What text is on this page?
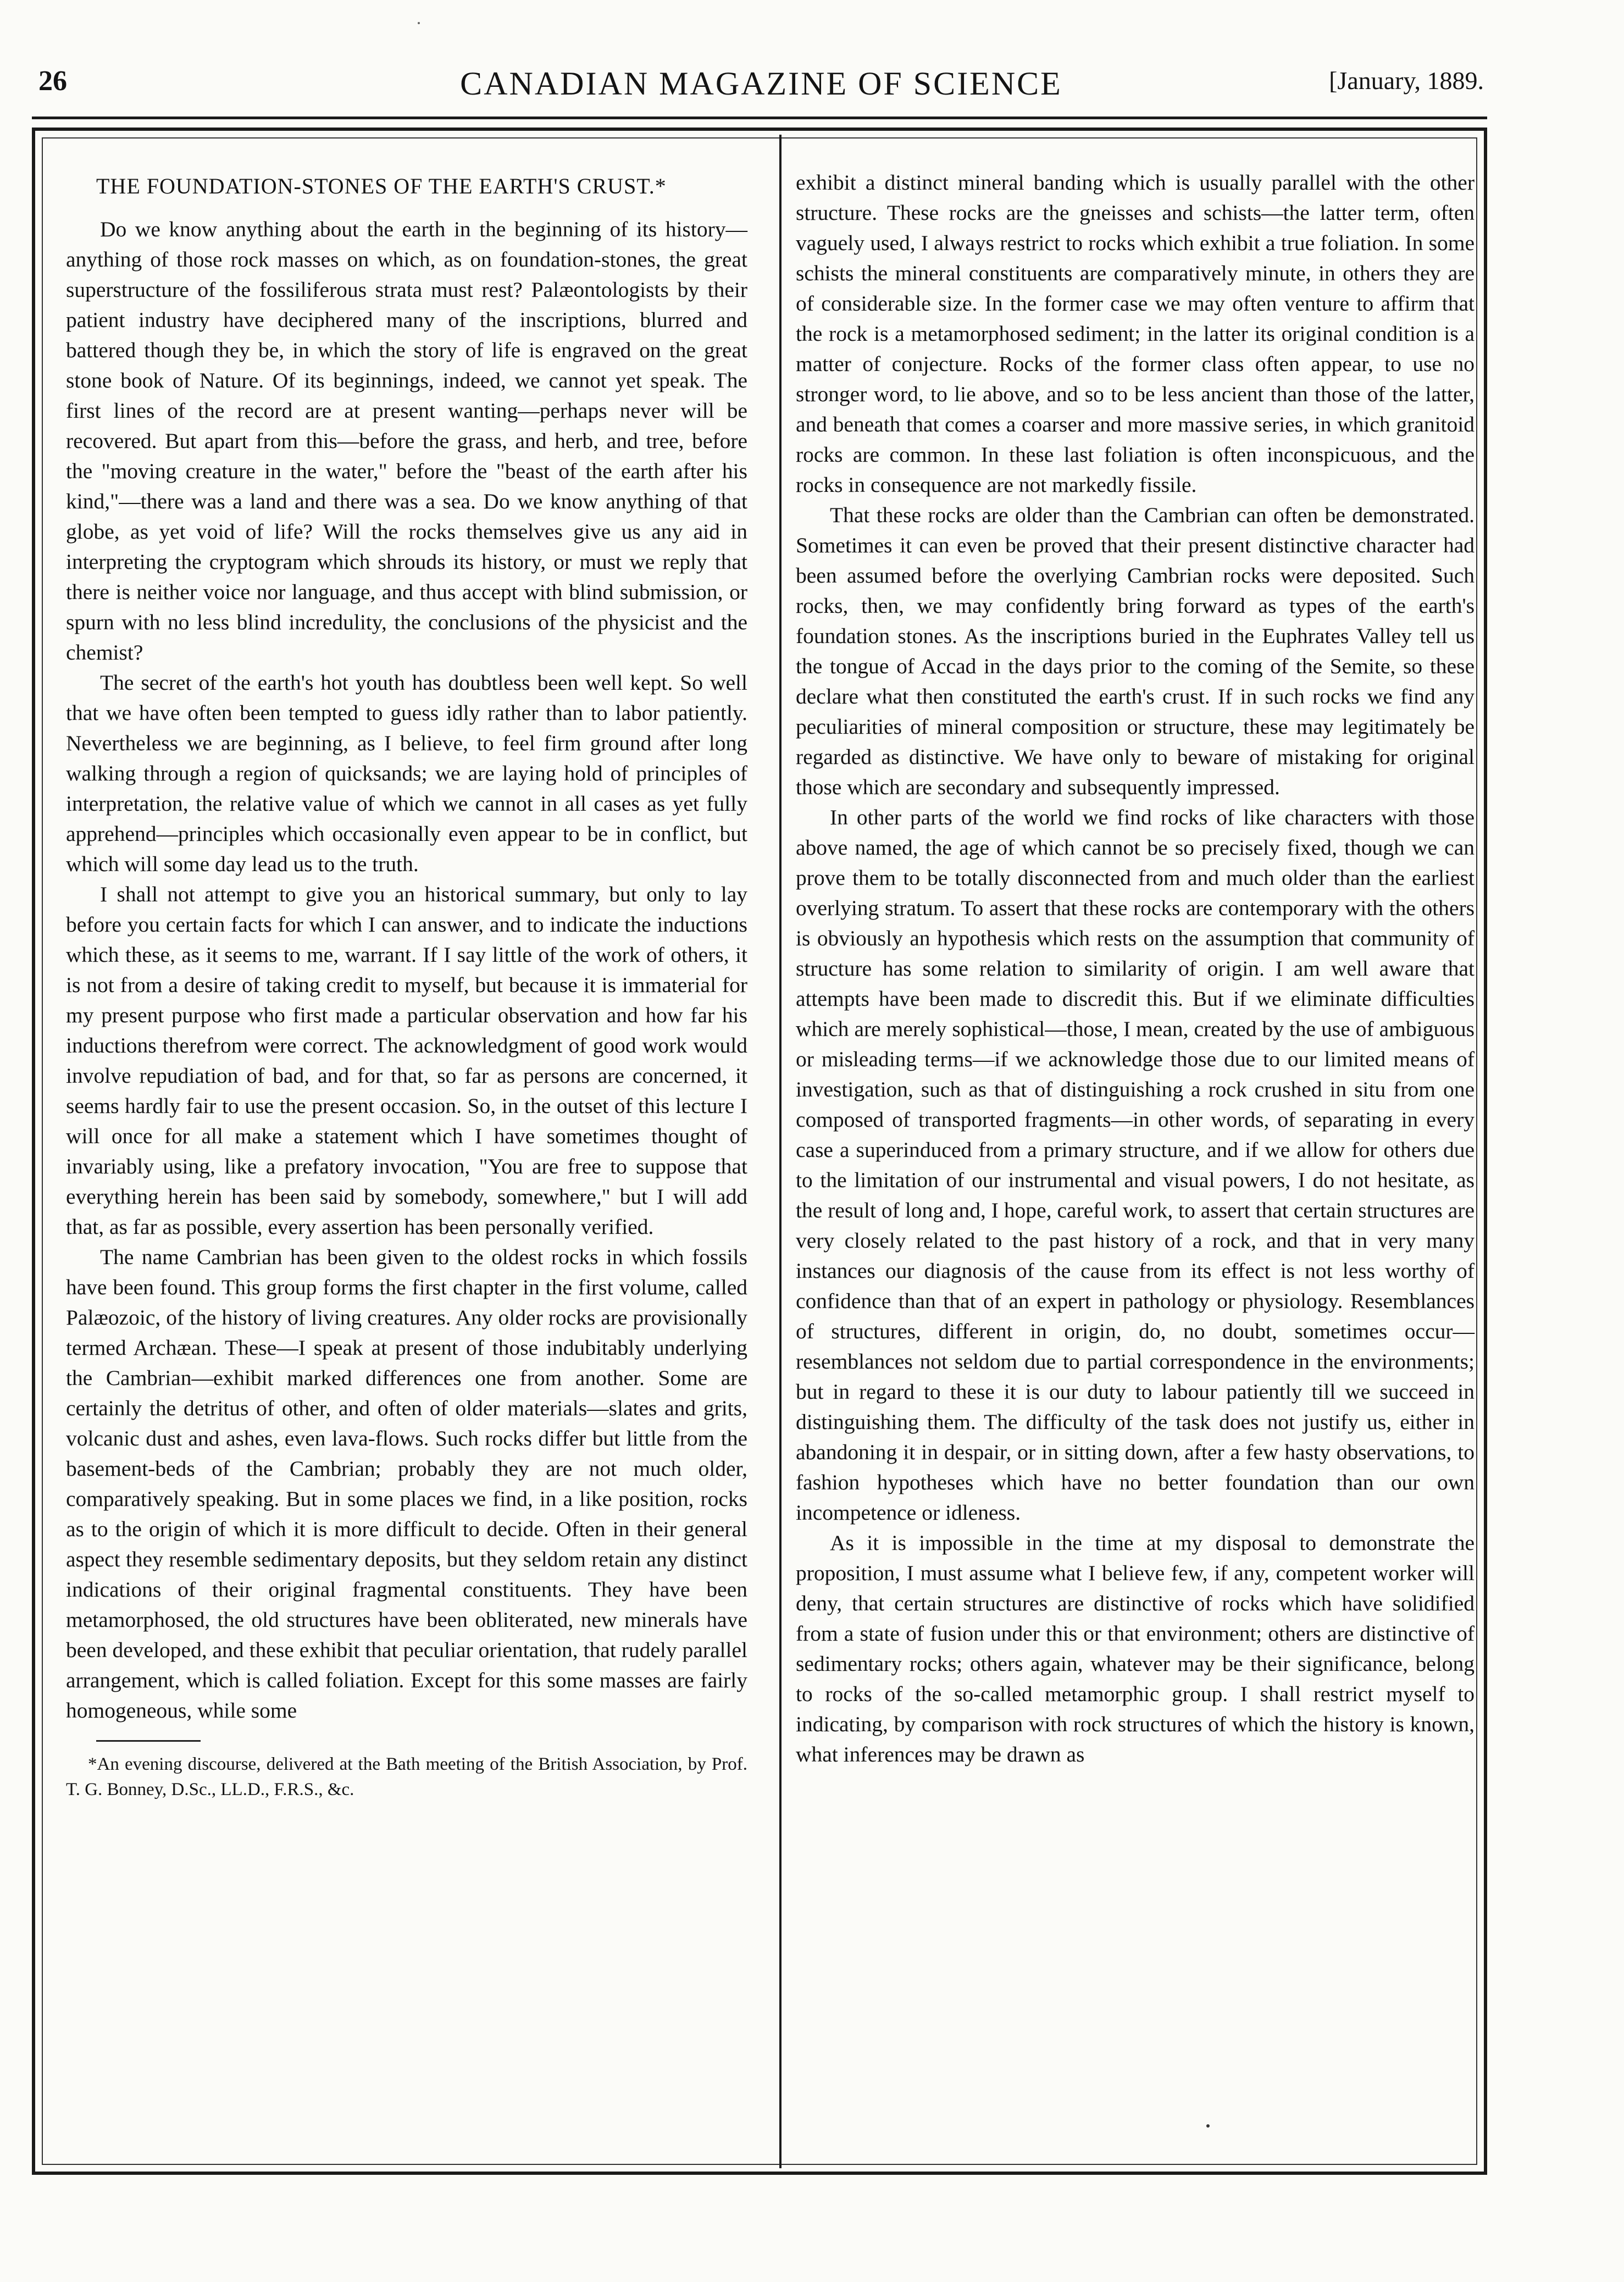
26	CANADIAN MAGAZINE OF SCIENCE	[January, 1889.
THE FOUNDATION-STONES OF THE EARTH'S CRUST.*

Do we know anything about the earth in the beginning of its history—anything of those rock masses on which, as on foundation-stones, the great superstructure of the fossiliferous strata must rest? Palæontologists by their patient industry have deciphered many of the inscriptions, blurred and battered though they be, in which the story of life is engraved on the great stone book of Nature. Of its beginnings, indeed, we cannot yet speak. The first lines of the record are at present wanting—perhaps never will be recovered. But apart from this—before the grass, and herb, and tree, before the "moving creature in the water," before the "beast of the earth after his kind,"—there was a land and there was a sea. Do we know anything of that globe, as yet void of life? Will the rocks themselves give us any aid in interpreting the cryptogram which shrouds its history, or must we reply that there is neither voice nor language, and thus accept with blind submission, or spurn with no less blind incredulity, the conclusions of the physicist and the chemist?

The secret of the earth's hot youth has doubtless been well kept. So well that we have often been tempted to guess idly rather than to labor patiently. Nevertheless we are beginning, as I believe, to feel firm ground after long walking through a region of quicksands; we are laying hold of principles of interpretation, the relative value of which we cannot in all cases as yet fully apprehend—principles which occasionally even appear to be in conflict, but which will some day lead us to the truth.

I shall not attempt to give you an historical summary, but only to lay before you certain facts for which I can answer, and to indicate the inductions which these, as it seems to me, warrant. If I say little of the work of others, it is not from a desire of taking credit to myself, but because it is immaterial for my present purpose who first made a particular observation and how far his inductions therefrom were correct. The acknowledgment of good work would involve repudiation of bad, and for that, so far as persons are concerned, it seems hardly fair to use the present occasion. So, in the outset of this lecture I will once for all make a statement which I have sometimes thought of invariably using, like a prefatory invocation, "You are free to suppose that everything herein has been said by somebody, somewhere," but I will add that, as far as possible, every assertion has been personally verified.

The name Cambrian has been given to the oldest rocks in which fossils have been found. This group forms the first chapter in the first volume, called Palæozoic, of the history of living creatures. Any older rocks are provisionally termed Archæan. These—I speak at present of those indubitably underlying the Cambrian—exhibit marked differences one from another. Some are certainly the detritus of other, and often of older materials—slates and grits, volcanic dust and ashes, even lava-flows. Such rocks differ but little from the basement-beds of the Cambrian; probably they are not much older, comparatively speaking. But in some places we find, in a like position, rocks as to the origin of which it is more difficult to decide. Often in their general aspect they resemble sedimentary deposits, but they seldom retain any distinct indications of their original fragmental constituents. They have been metamorphosed, the old structures have been obliterated, new minerals have been developed, and these exhibit that peculiar orientation, that rudely parallel arrangement, which is called foliation. Except for this some masses are fairly homogeneous, while some

*An evening discourse, delivered at the Bath meeting of the British Association, by Prof. T. G. Bonney, D.Sc., LL.D., F.R.S., &c.

exhibit a distinct mineral banding which is usually parallel with the other structure. These rocks are the gneisses and schists—the latter term, often vaguely used, I always restrict to rocks which exhibit a true foliation. In some schists the mineral constituents are comparatively minute, in others they are of considerable size. In the former case we may often venture to affirm that the rock is a metamorphosed sediment; in the latter its original condition is a matter of conjecture. Rocks of the former class often appear, to use no stronger word, to lie above, and so to be less ancient than those of the latter, and beneath that comes a coarser and more massive series, in which granitoid rocks are common. In these last foliation is often inconspicuous, and the rocks in consequence are not markedly fissile.

That these rocks are older than the Cambrian can often be demonstrated. Sometimes it can even be proved that their present distinctive character had been assumed before the overlying Cambrian rocks were deposited. Such rocks, then, we may confidently bring forward as types of the earth's foundation stones. As the inscriptions buried in the Euphrates Valley tell us the tongue of Accad in the days prior to the coming of the Semite, so these declare what then constituted the earth's crust. If in such rocks we find any peculiarities of mineral composition or structure, these may legitimately be regarded as distinctive. We have only to beware of mistaking for original those which are secondary and subsequently impressed.

In other parts of the world we find rocks of like characters with those above named, the age of which cannot be so precisely fixed, though we can prove them to be totally disconnected from and much older than the earliest overlying stratum. To assert that these rocks are contemporary with the others is obviously an hypothesis which rests on the assumption that community of structure has some relation to similarity of origin. I am well aware that attempts have been made to discredit this. But if we eliminate difficulties which are merely sophistical—those, I mean, created by the use of ambiguous or misleading terms—if we acknowledge those due to our limited means of investigation, such as that of distinguishing a rock crushed in situ from one composed of transported fragments—in other words, of separating in every case a superinduced from a primary structure, and if we allow for others due to the limitation of our instrumental and visual powers, I do not hesitate, as the result of long and, I hope, careful work, to assert that certain structures are very closely related to the past history of a rock, and that in very many instances our diagnosis of the cause from its effect is not less worthy of confidence than that of an expert in pathology or physiology. Resemblances of structures, different in origin, do, no doubt, sometimes occur—resemblances not seldom due to partial correspondence in the environments; but in regard to these it is our duty to labour patiently till we succeed in distinguishing them. The difficulty of the task does not justify us, either in abandoning it in despair, or in sitting down, after a few hasty observations, to fashion hypotheses which have no better foundation than our own incompetence or idleness.

As it is impossible in the time at my disposal to demonstrate the proposition, I must assume what I believe few, if any, competent worker will deny, that certain structures are distinctive of rocks which have solidified from a state of fusion under this or that environment; others are distinctive of sedimentary rocks; others again, whatever may be their significance, belong to rocks of the so-called metamorphic group. I shall restrict myself to indicating, by comparison with rock structures of which the history is known, what inferences may be drawn as
